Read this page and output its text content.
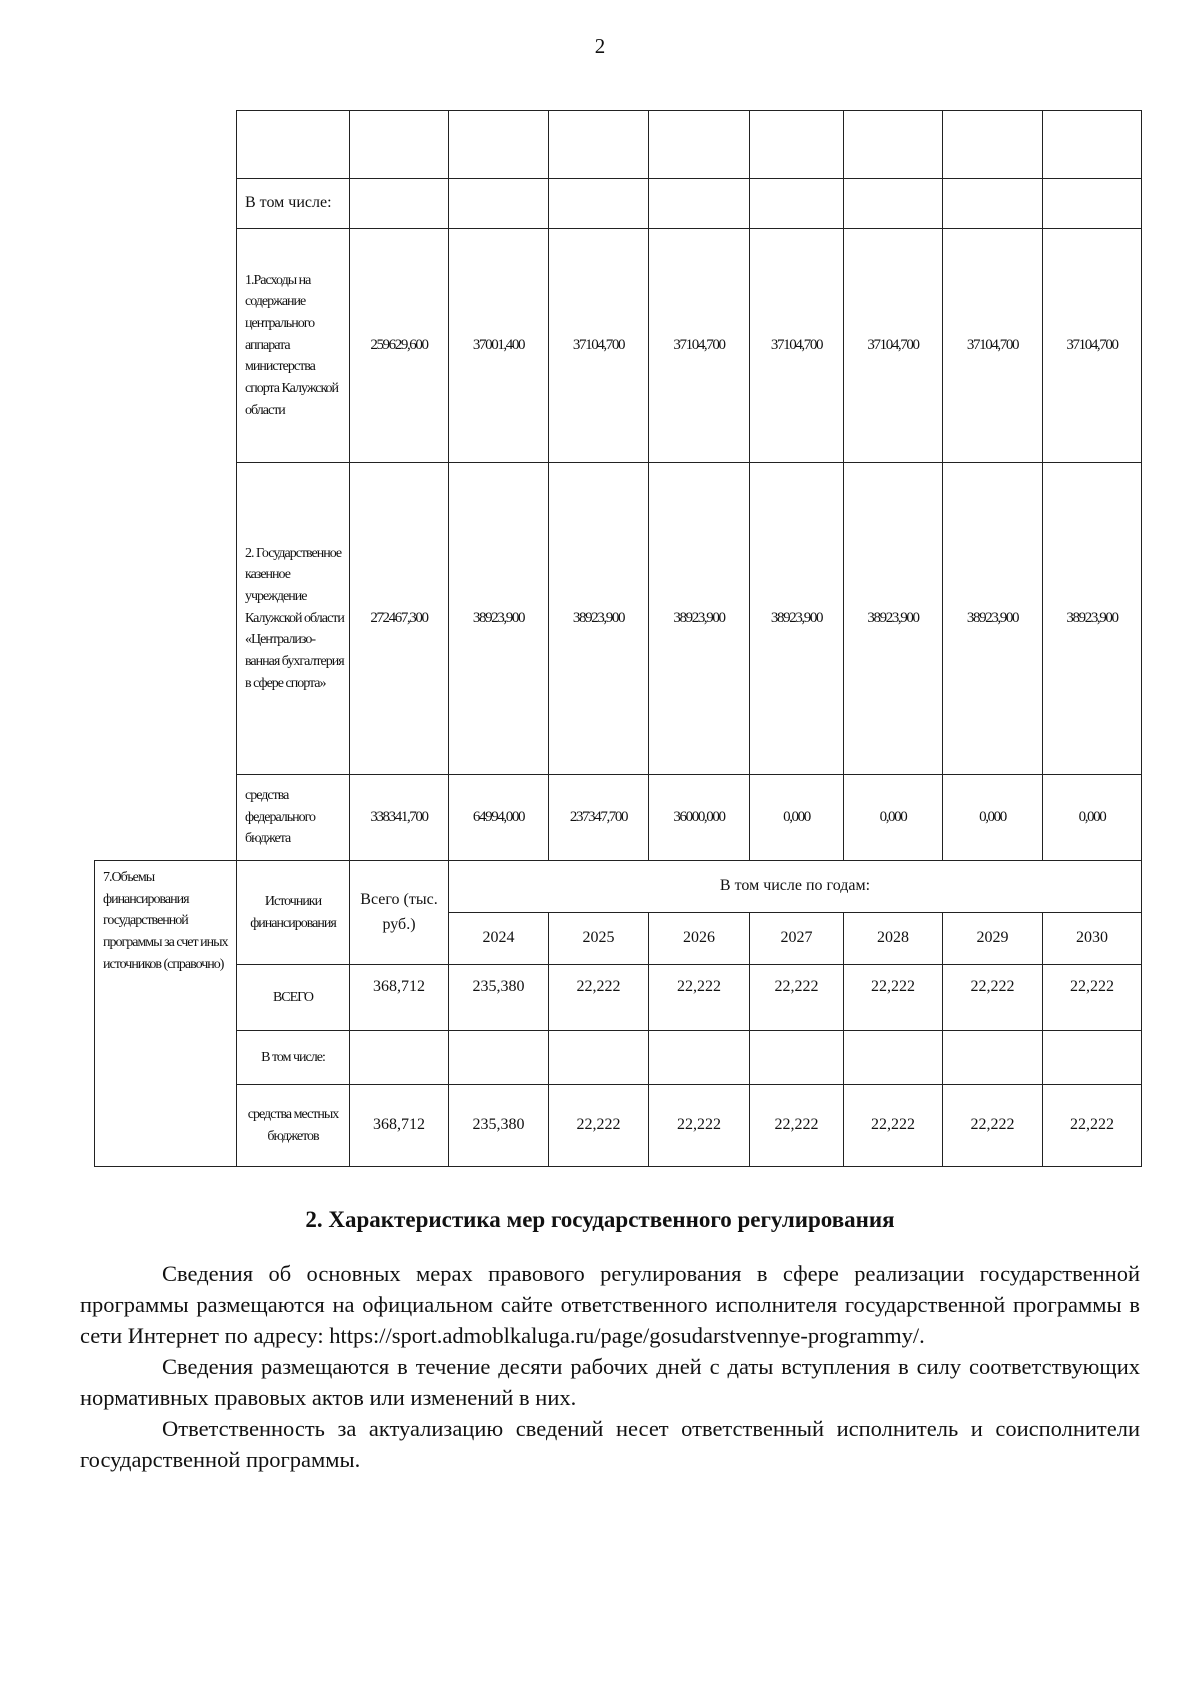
2

	В том числе:								
	1.Расходы на содержание центрального аппарата министерства спорта Калужской области	259629,600	37001,400	37104,700	37104,700	37104,700	37104,700	37104,700	37104,700
	2. Государственное казенное учреждение Калужской области «Централизо-ванная бухгалтерия в сфере спорта»	272467,300	38923,900	38923,900	38923,900	38923,900	38923,900	38923,900	38923,900
	средства федерального бюджета	338341,700	64994,000	237347,700	36000,000	0,000	0,000	0,000	0,000
7.Объемы финансирования государственной программы за счет иных источников (справочно)	Источники финансирования	Всего (тыс. руб.)	В том числе по годам:						
			2024	2025	2026	2027	2028	2029	2030
	ВСЕГО	368,712	235,380	22,222	22,222	22,222	22,222	22,222	22,222
	В том числе:								
	средства местных бюджетов	368,712	235,380	22,222	22,222	22,222	22,222	22,222	22,222
2. Характеристика мер государственного регулирования

Сведения об основных мерах правового регулирования в сфере реализации государственной программы размещаются на официальном сайте ответственного исполнителя государственной программы в сети Интернет по адресу: https://sport.admoblkaluga.ru/page/gosudarstvennye-programmy/.

Сведения размещаются в течение десяти рабочих дней с даты вступления в силу соответствующих нормативных правовых актов или изменений в них.

Ответственность за актуализацию сведений несет ответственный исполнитель и соисполнители государственной программы.
